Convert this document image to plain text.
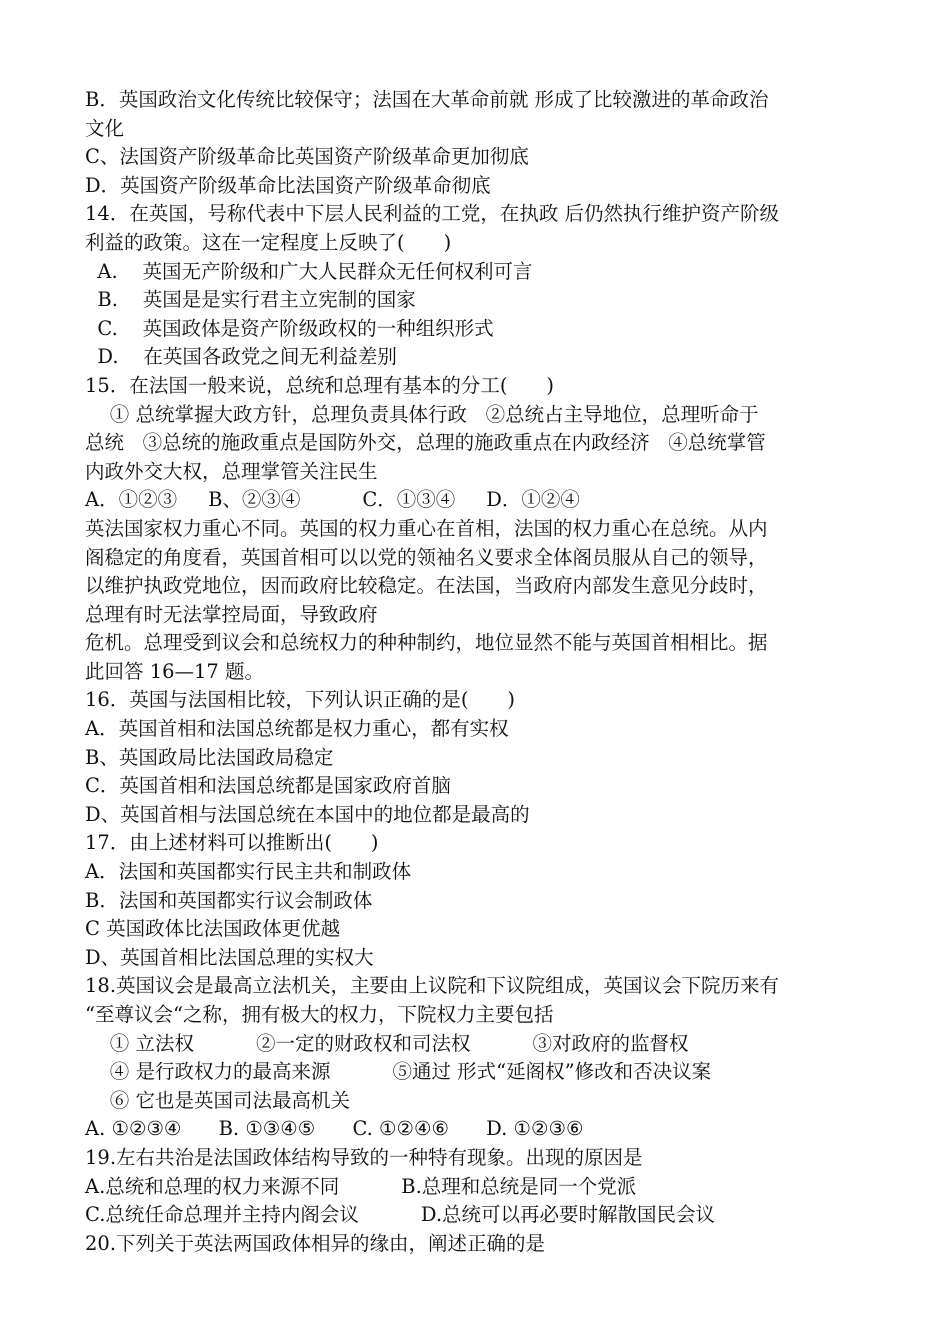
B．英国政治文化传统比较保守；法国在大革命前就 形成了比较激进的革命政治
文化
C、法国资产阶级革命比英国资产阶级革命更加彻底
D．英国资产阶级革命比法国资产阶级革命彻底
14．在英国，号称代表中下层人民利益的工党，在执政 后仍然执行维护资产阶级
利益的政策。这在一定程度上反映了(　　)
A.    英国无产阶级和广大人民群众无任何权利可言
B.    英国是是实行君主立宪制的国家
C.    英国政体是资产阶级政权的一种组织形式
D.    在英国各政党之间无利益差别
15．在法国一般来说，总统和总理有基本的分工(　　)
① 总统掌握大政方针，总理负责具体行政   ②总统占主导地位，总理听命于
总统   ③总统的施政重点是国防外交，总理的施政重点在内政经济   ④总统掌管
内政外交大权，总理掌管关注民生
A．①②③     B、②③④          C．①③④     D．①②④
英法国家权力重心不同。英国的权力重心在首相，法国的权力重心在总统。从内
阁稳定的角度看，英国首相可以以党的领袖名义要求全体阁员服从自己的领导，
以维护执政党地位，因而政府比较稳定。在法国，当政府内部发生意见分歧时，
总理有时无法掌控局面，导致政府
危机。总理受到议会和总统权力的种种制约，地位显然不能与英国首相相比。据
此回答 16—17 题。
16．英国与法国相比较，下列认识正确的是(　　)
A．英国首相和法国总统都是权力重心，都有实权
B、英国政局比法国政局稳定
C．英国首相和法国总统都是国家政府首脑
D、英国首相与法国总统在本国中的地位都是最高的
17．由上述材料可以推断出(　　)
A．法国和英国都实行民主共和制政体
B．法国和英国都实行议会制政体
C 英国政体比法国政体更优越
D、英国首相比法国总理的实权大
18.英国议会是最高立法机关，主要由上议院和下议院组成，英国议会下院历来有
“至尊议会“之称，拥有极大的权力，下院权力主要包括
① 立法权          ②一定的财政权和司法权          ③对政府的监督权
④ 是行政权力的最高来源          ⑤通过 形式“延阁权”修改和否决议案
⑥ 它也是英国司法最高机关
A. ①②③④      B. ①③④⑤      C. ①②④⑥      D. ①②③⑥
19.左右共治是法国政体结构导致的一种特有现象。出现的原因是
A.总统和总理的权力来源不同          B.总理和总统是同一个党派
C.总统任命总理并主持内阁会议          D.总统可以再必要时解散国民会议
20.下列关于英法两国政体相异的缘由，阐述正确的是
